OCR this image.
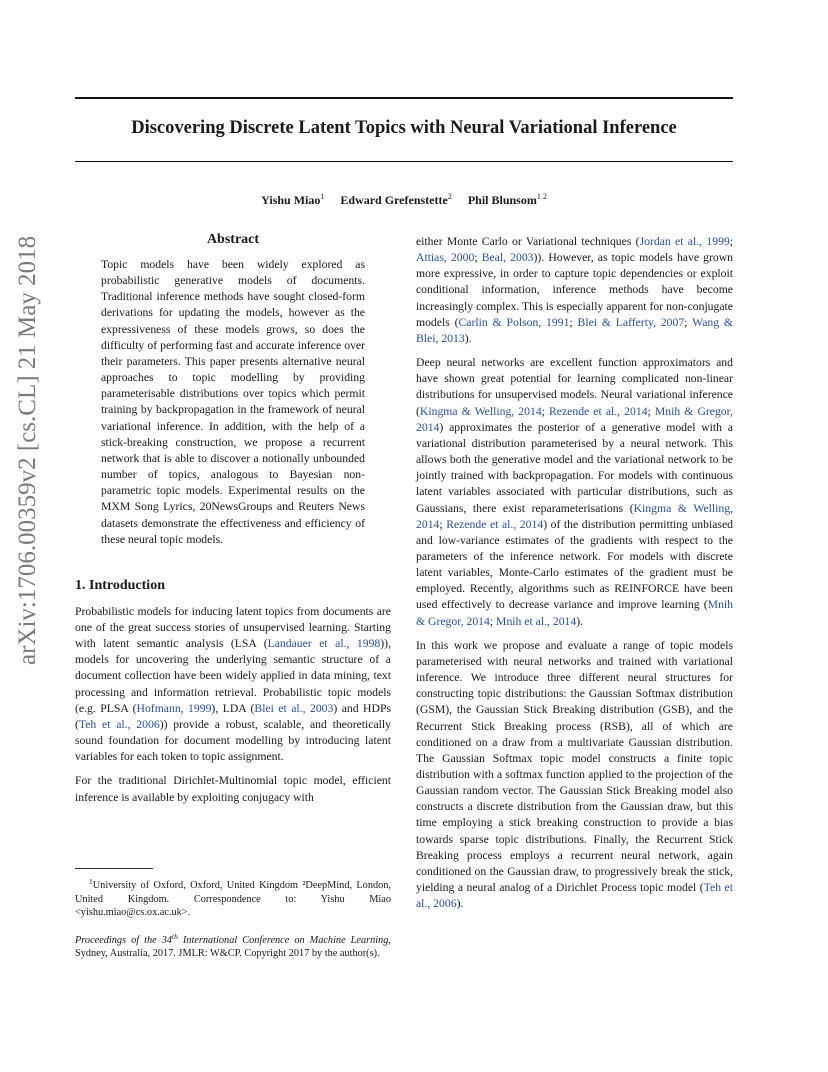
Discovering Discrete Latent Topics with Neural Variational Inference
Yishu Miao$^1$ Edward Grefenstette$^2$ Phil Blunsom$^{1 2}$
arXiv:1706.00359v2 [cs.CL] 21 May 2018	Abstract
Topic models have been widely explored as probabilistic generative models of documents. Traditional inference methods have sought closed-form derivations for updating the models, however as the expressiveness of these models grows, so does the difficulty of performing fast and accurate inference over their parameters. This paper presents alternative neural approaches to topic modelling by providing parameterisable distributions over topics which permit training by backpropagation in the framework of neural variational inference. In addition, with the help of a stick-breaking construction, we propose a recurrent network that is able to discover a notionally unbounded number of topics, analogous to Bayesian non-parametric topic models. Experimental results on the MXM Song Lyrics, 20NewsGroups and Reuters News datasets demonstrate the effectiveness and efficiency of these neural topic models.
1. Introduction

Probabilistic models for inducing latent topics from documents are one of the great success stories of unsupervised learning. Starting with latent semantic analysis (LSA (Landauer et al., 1998)), models for uncovering the underlying semantic structure of a document collection have been widely applied in data mining, text processing and information retrieval. Probabilistic topic models (e.g. PLSA (Hofmann, 1999), LDA (Blei et al., 2003) and HDPs (Teh et al., 2006)) provide a robust, scalable, and theoretically sound foundation for document modelling by introducing latent variables for each token to topic assignment.

For the traditional Dirichlet-Multinomial topic model, efficient inference is available by exploiting conjugacy with

$^1$University of Oxford, Oxford, United Kingdom ²DeepMind, London, United Kingdom. Correspondence to: Yishu Miao <yishu.miao@cs.ox.ac.uk>.
Proceedings of the 34th International Conference on Machine Learning, Sydney, Australia, 2017. JMLR: W&CP. Copyright 2017 by the author(s).

either Monte Carlo or Variational techniques (Jordan et al., 1999; Attias, 2000; Beal, 2003)). However, as topic models have grown more expressive, in order to capture topic dependencies or exploit conditional information, inference methods have become increasingly complex. This is especially apparent for non-conjugate models (Carlin & Polson, 1991; Blei & Lafferty, 2007; Wang & Blei, 2013).

Deep neural networks are excellent function approximators and have shown great potential for learning complicated non-linear distributions for unsupervised models. Neural variational inference (Kingma & Welling, 2014; Rezende et al., 2014; Mnih & Gregor, 2014) approximates the posterior of a generative model with a variational distribution parameterised by a neural network. This allows both the generative model and the variational network to be jointly trained with backpropagation. For models with continuous latent variables associated with particular distributions, such as Gaussians, there exist reparameterisations (Kingma & Welling, 2014; Rezende et al., 2014) of the distribution permitting unbiased and low-variance estimates of the gradients with respect to the parameters of the inference network. For models with discrete latent variables, Monte-Carlo estimates of the gradient must be employed. Recently, algorithms such as REINFORCE have been used effectively to decrease variance and improve learning (Mnih & Gregor, 2014; Mnih et al., 2014).

In this work we propose and evaluate a range of topic models parameterised with neural networks and trained with variational inference. We introduce three different neural structures for constructing topic distributions: the Gaussian Softmax distribution (GSM), the Gaussian Stick Breaking distribution (GSB), and the Recurrent Stick Breaking process (RSB), all of which are conditioned on a draw from a multivariate Gaussian distribution. The Gaussian Softmax topic model constructs a finite topic distribution with a softmax function applied to the projection of the Gaussian random vector. The Gaussian Stick Breaking model also constructs a discrete distribution from the Gaussian draw, but this time employing a stick breaking construction to provide a bias towards sparse topic distributions. Finally, the Recurrent Stick Breaking process employs a recurrent neural network, again conditioned on the Gaussian draw, to progressively break the stick, yielding a neural analog of a Dirichlet Process topic model (Teh et al., 2006).
